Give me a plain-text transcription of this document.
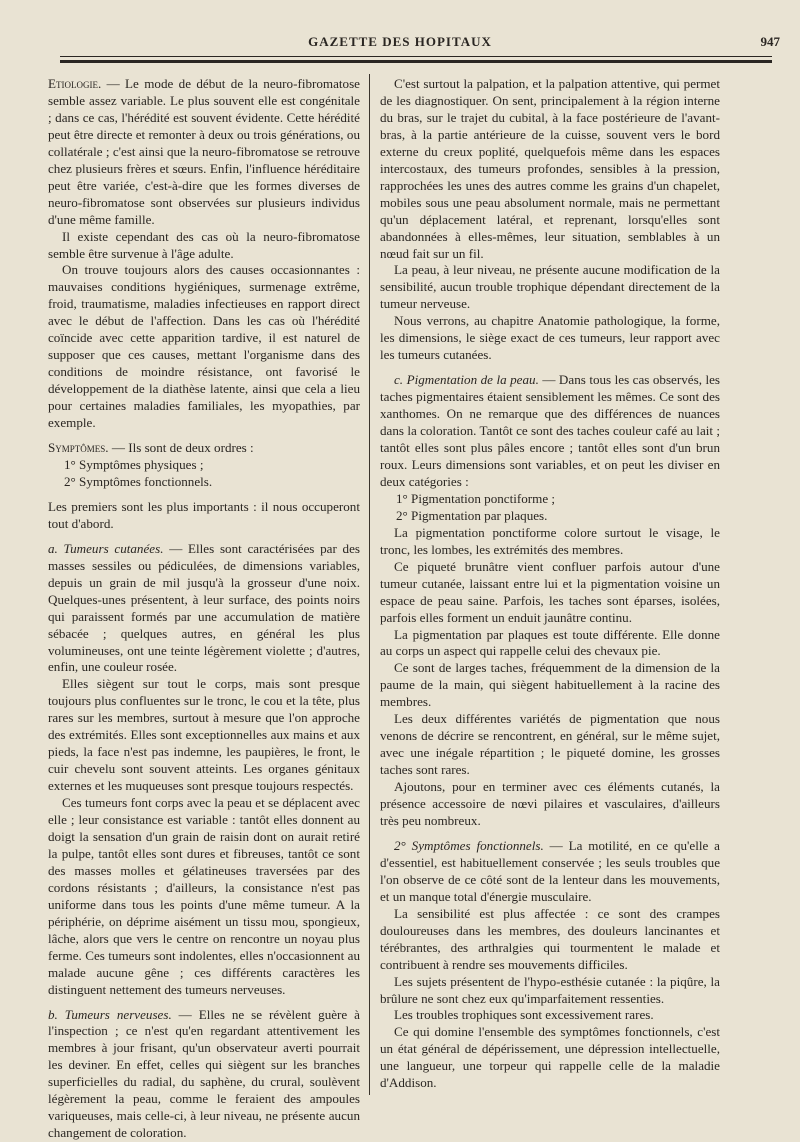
GAZETTE DES HOPITAUX	947

Etiologie. — Le mode de début de la neuro-fibromatose semble assez variable. Le plus souvent elle est congénitale ; dans ce cas, l'hérédité est souvent évidente. Cette hérédité peut être directe et remonter à deux ou trois générations, ou collatérale ; c'est ainsi que la neuro-fibromatose se retrouve chez plusieurs frères et sœurs. Enfin, l'influence héréditaire peut être variée, c'est-à-dire que les formes diverses de neuro-fibromatose sont observées sur plusieurs individus d'une même famille.

Il existe cependant des cas où la neuro-fibromatose semble être survenue à l'âge adulte.

On trouve toujours alors des causes occasionnantes : mauvaises conditions hygiéniques, surmenage extrême, froid, traumatisme, maladies infectieuses en rapport direct avec le début de l'affection. Dans les cas où l'hérédité coïncide avec cette apparition tardive, il est naturel de supposer que ces causes, mettant l'organisme dans des conditions de moindre résistance, ont favorisé le développement de la diathèse latente, ainsi que cela a lieu pour certaines maladies familiales, les myopathies, par exemple.

Symptômes. — Ils sont de deux ordres :

1° Symptômes physiques ;

2° Symptômes fonctionnels.

Les premiers sont les plus importants : il nous occuperont tout d'abord.

a. Tumeurs cutanées. — Elles sont caractérisées par des masses sessiles ou pédiculées, de dimensions variables, depuis un grain de mil jusqu'à la grosseur d'une noix. Quelques-unes présentent, à leur surface, des points noirs qui paraissent formés par une accumulation de matière sébacée ; quelques autres, en général les plus volumineuses, ont une teinte légèrement violette ; d'autres, enfin, une couleur rosée.

Elles siègent sur tout le corps, mais sont presque toujours plus confluentes sur le tronc, le cou et la tête, plus rares sur les membres, surtout à mesure que l'on approche des extrémités. Elles sont exceptionnelles aux mains et aux pieds, la face n'est pas indemne, les paupières, le front, le cuir chevelu sont souvent atteints. Les organes génitaux externes et les muqueuses sont presque toujours respectés.

Ces tumeurs font corps avec la peau et se déplacent avec elle ; leur consistance est variable : tantôt elles donnent au doigt la sensation d'un grain de raisin dont on aurait retiré la pulpe, tantôt elles sont dures et fibreuses, tantôt ce sont des masses molles et gélatineuses traversées par des cordons résistants ; d'ailleurs, la consistance n'est pas uniforme dans tous les points d'une même tumeur. A la périphérie, on déprime aisément un tissu mou, spongieux, lâche, alors que vers le centre on rencontre un noyau plus ferme. Ces tumeurs sont indolentes, elles n'occasionnent au malade aucune gêne ; ces différents caractères les distinguent nettement des tumeurs nerveuses.

b. Tumeurs nerveuses. — Elles ne se révèlent guère à l'inspection ; ce n'est qu'en regardant attentivement les membres à jour frisant, qu'un observateur averti pourrait les deviner. En effet, celles qui siègent sur les branches superficielles du radial, du saphène, du crural, soulèvent légèrement la peau, comme le feraient des ampoules variqueuses, mais celle-ci, à leur niveau, ne présente aucun changement de coloration.

C'est surtout la palpation, et la palpation attentive, qui permet de les diagnostiquer. On sent, principalement à la région interne du bras, sur le trajet du cubital, à la face postérieure de l'avant-bras, à la partie antérieure de la cuisse, souvent vers le bord externe du creux poplité, quelquefois même dans les espaces intercostaux, des tumeurs profondes, sensibles à la pression, rapprochées les unes des autres comme les grains d'un chapelet, mobiles sous une peau absolument normale, mais ne permettant qu'un déplacement latéral, et reprenant, lorsqu'elles sont abandonnées à elles-mêmes, leur situation, semblables à un nœud fait sur un fil.

La peau, à leur niveau, ne présente aucune modification de la sensibilité, aucun trouble trophique dépendant directement de la tumeur nerveuse.

Nous verrons, au chapitre Anatomie pathologique, la forme, les dimensions, le siège exact de ces tumeurs, leur rapport avec les tumeurs cutanées.

c. Pigmentation de la peau. — Dans tous les cas observés, les taches pigmentaires étaient sensiblement les mêmes. Ce sont des xanthomes. On ne remarque que des différences de nuances dans la coloration. Tantôt ce sont des taches couleur café au lait ; tantôt elles sont plus pâles encore ; tantôt elles sont d'un brun roux. Leurs dimensions sont variables, et on peut les diviser en deux catégories :

1° Pigmentation ponctiforme ;

2° Pigmentation par plaques.

La pigmentation ponctiforme colore surtout le visage, le tronc, les lombes, les extrémités des membres.

Ce piqueté brunâtre vient confluer parfois autour d'une tumeur cutanée, laissant entre lui et la pigmentation voisine un espace de peau saine. Parfois, les taches sont éparses, isolées, parfois elles forment un enduit jaunâtre continu.

La pigmentation par plaques est toute différente. Elle donne au corps un aspect qui rappelle celui des chevaux pie.

Ce sont de larges taches, fréquemment de la dimension de la paume de la main, qui siègent habituellement à la racine des membres.

Les deux différentes variétés de pigmentation que nous venons de décrire se rencontrent, en général, sur le même sujet, avec une inégale répartition ; le piqueté domine, les grosses taches sont rares.

Ajoutons, pour en terminer avec ces éléments cutanés, la présence accessoire de nœvi pilaires et vasculaires, d'ailleurs très peu nombreux.

2° Symptômes fonctionnels. — La motilité, en ce qu'elle a d'essentiel, est habituellement conservée ; les seuls troubles que l'on observe de ce côté sont de la lenteur dans les mouvements, et un manque total d'énergie musculaire.

La sensibilité est plus affectée : ce sont des crampes douloureuses dans les membres, des douleurs lancinantes et térébrantes, des arthralgies qui tourmentent le malade et contribuent à rendre ses mouvements difficiles.

Les sujets présentent de l'hypo-esthésie cutanée : la piqûre, la brûlure ne sont chez eux qu'imparfaitement ressenties.

Les troubles trophiques sont excessivement rares.

Ce qui domine l'ensemble des symptômes fonctionnels, c'est un état général de dépérissement, une dépression intellectuelle, une langueur, une torpeur qui rappelle celle de la maladie d'Addison.
